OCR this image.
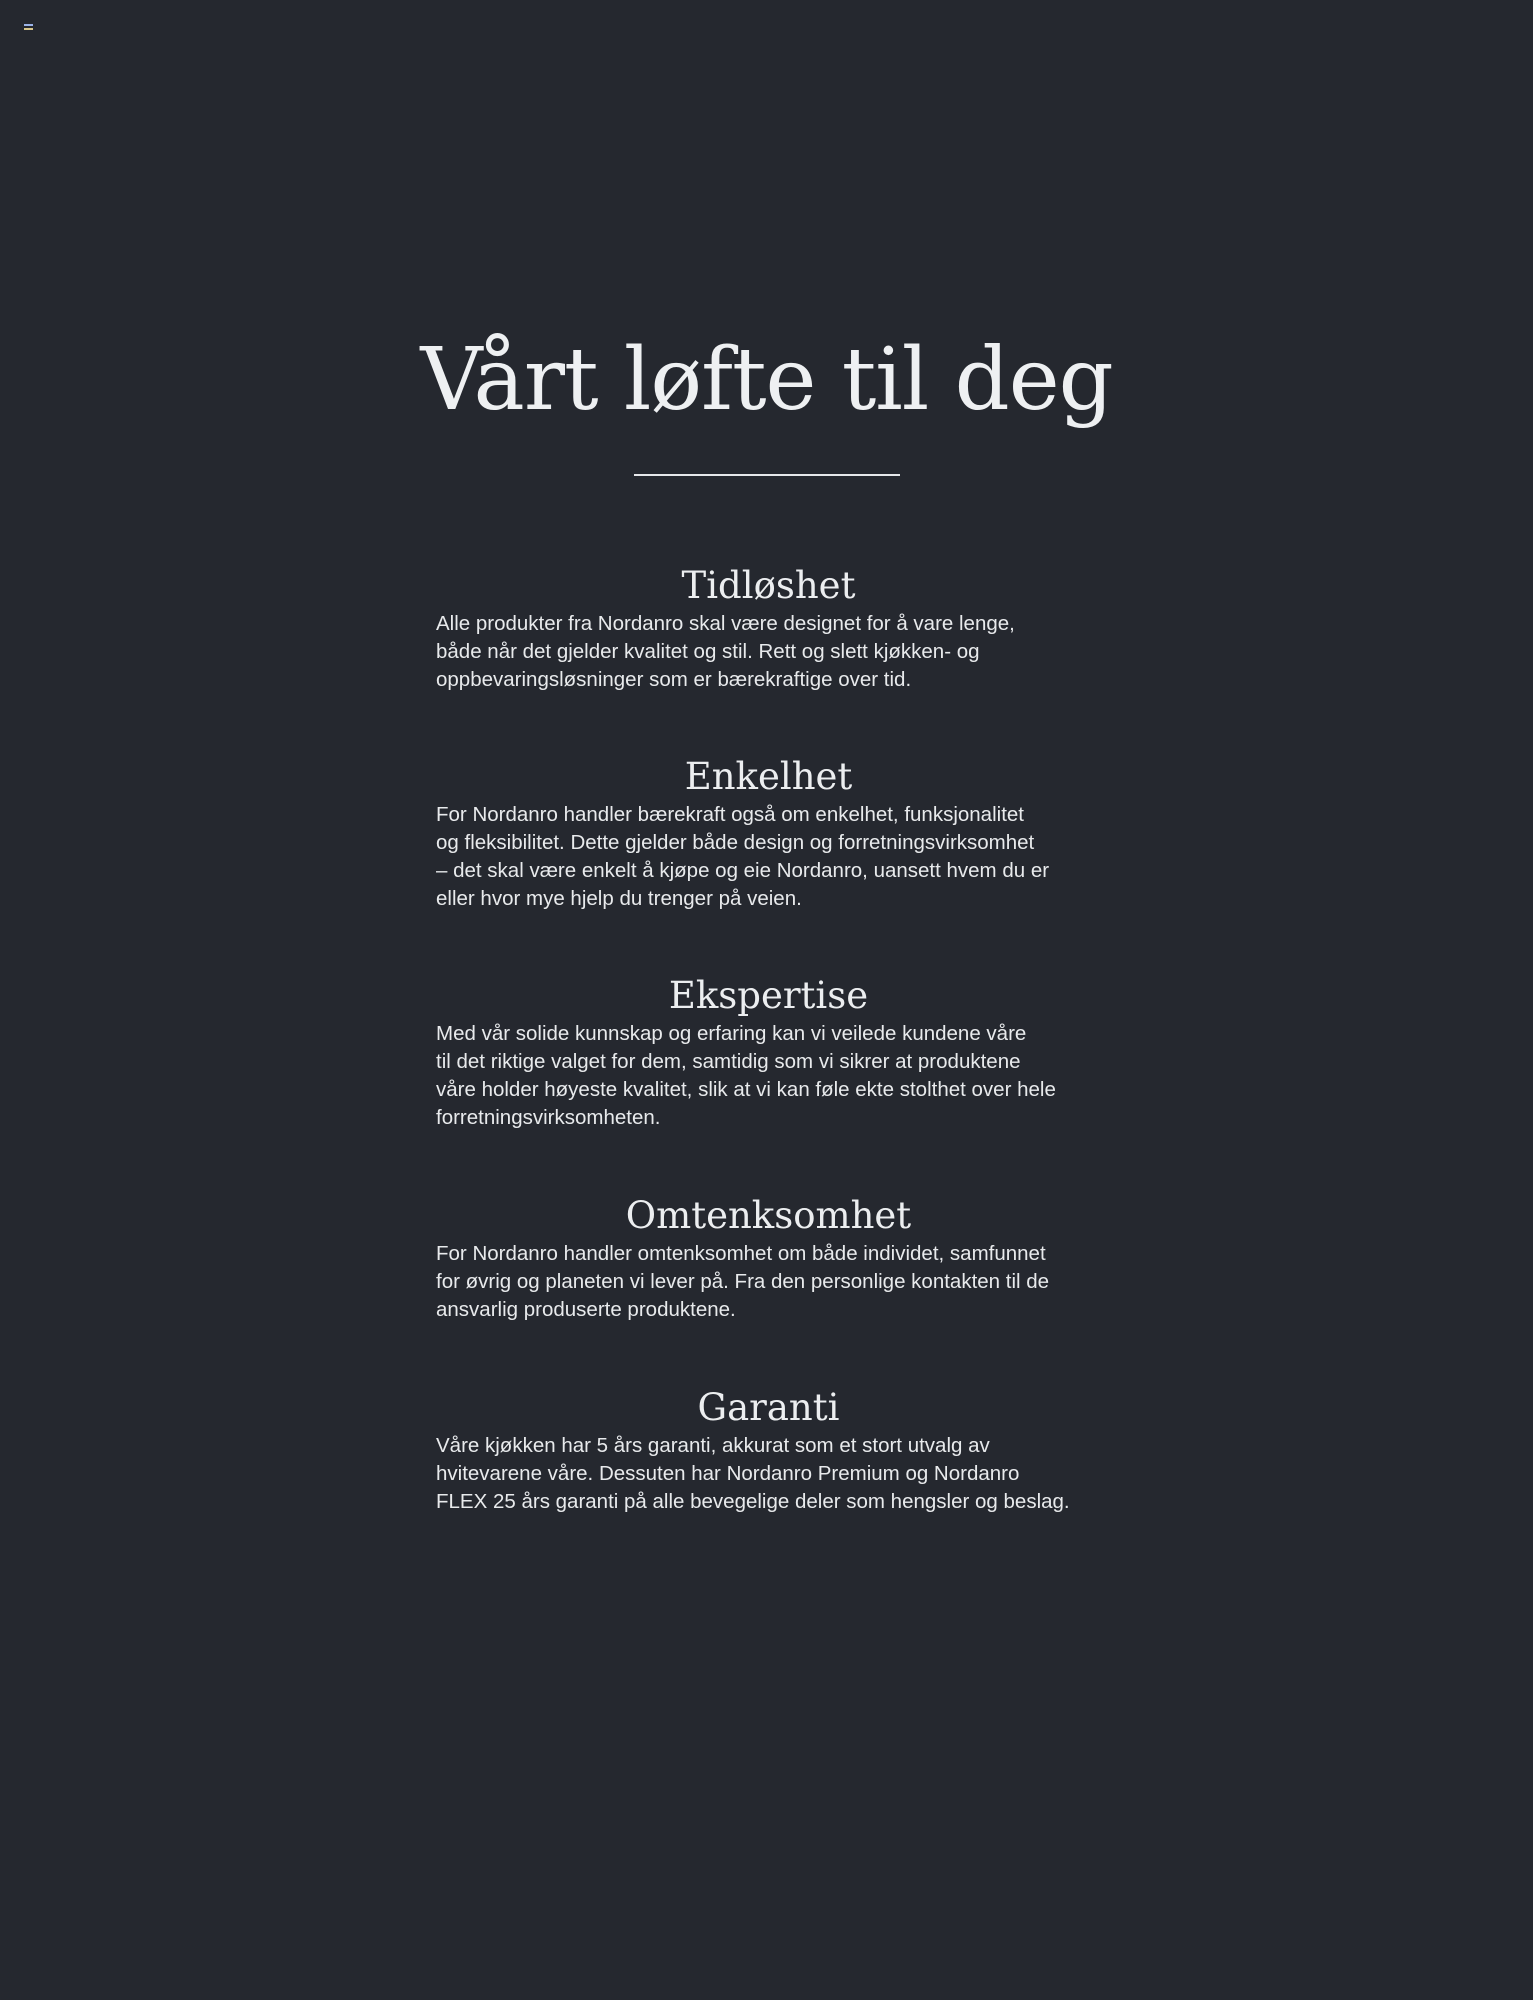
Vårt løfte til deg
Tidløshet

Alle produkter fra Nordanro skal være designet for å vare lenge,
både når det gjelder kvalitet og stil. Rett og slett kjøkken- og
oppbevaringsløsninger som er bærekraftige over tid.

Enkelhet

For Nordanro handler bærekraft også om enkelhet, funksjonalitet
og fleksibilitet. Dette gjelder både design og forretningsvirksomhet
– det skal være enkelt å kjøpe og eie Nordanro, uansett hvem du er
eller hvor mye hjelp du trenger på veien.

Ekspertise

Med vår solide kunnskap og erfaring kan vi veilede kundene våre
til det riktige valget for dem, samtidig som vi sikrer at produktene
våre holder høyeste kvalitet, slik at vi kan føle ekte stolthet over hele
forretningsvirksomheten.

Omtenksomhet

For Nordanro handler omtenksomhet om både individet, samfunnet
for øvrig og planeten vi lever på. Fra den personlige kontakten til de
ansvarlig produserte produktene.

Garanti

Våre kjøkken har 5 års garanti, akkurat som et stort utvalg av
hvitevarene våre. Dessuten har Nordanro Premium og Nordanro
FLEX 25 års garanti på alle bevegelige deler som hengsler og beslag.
